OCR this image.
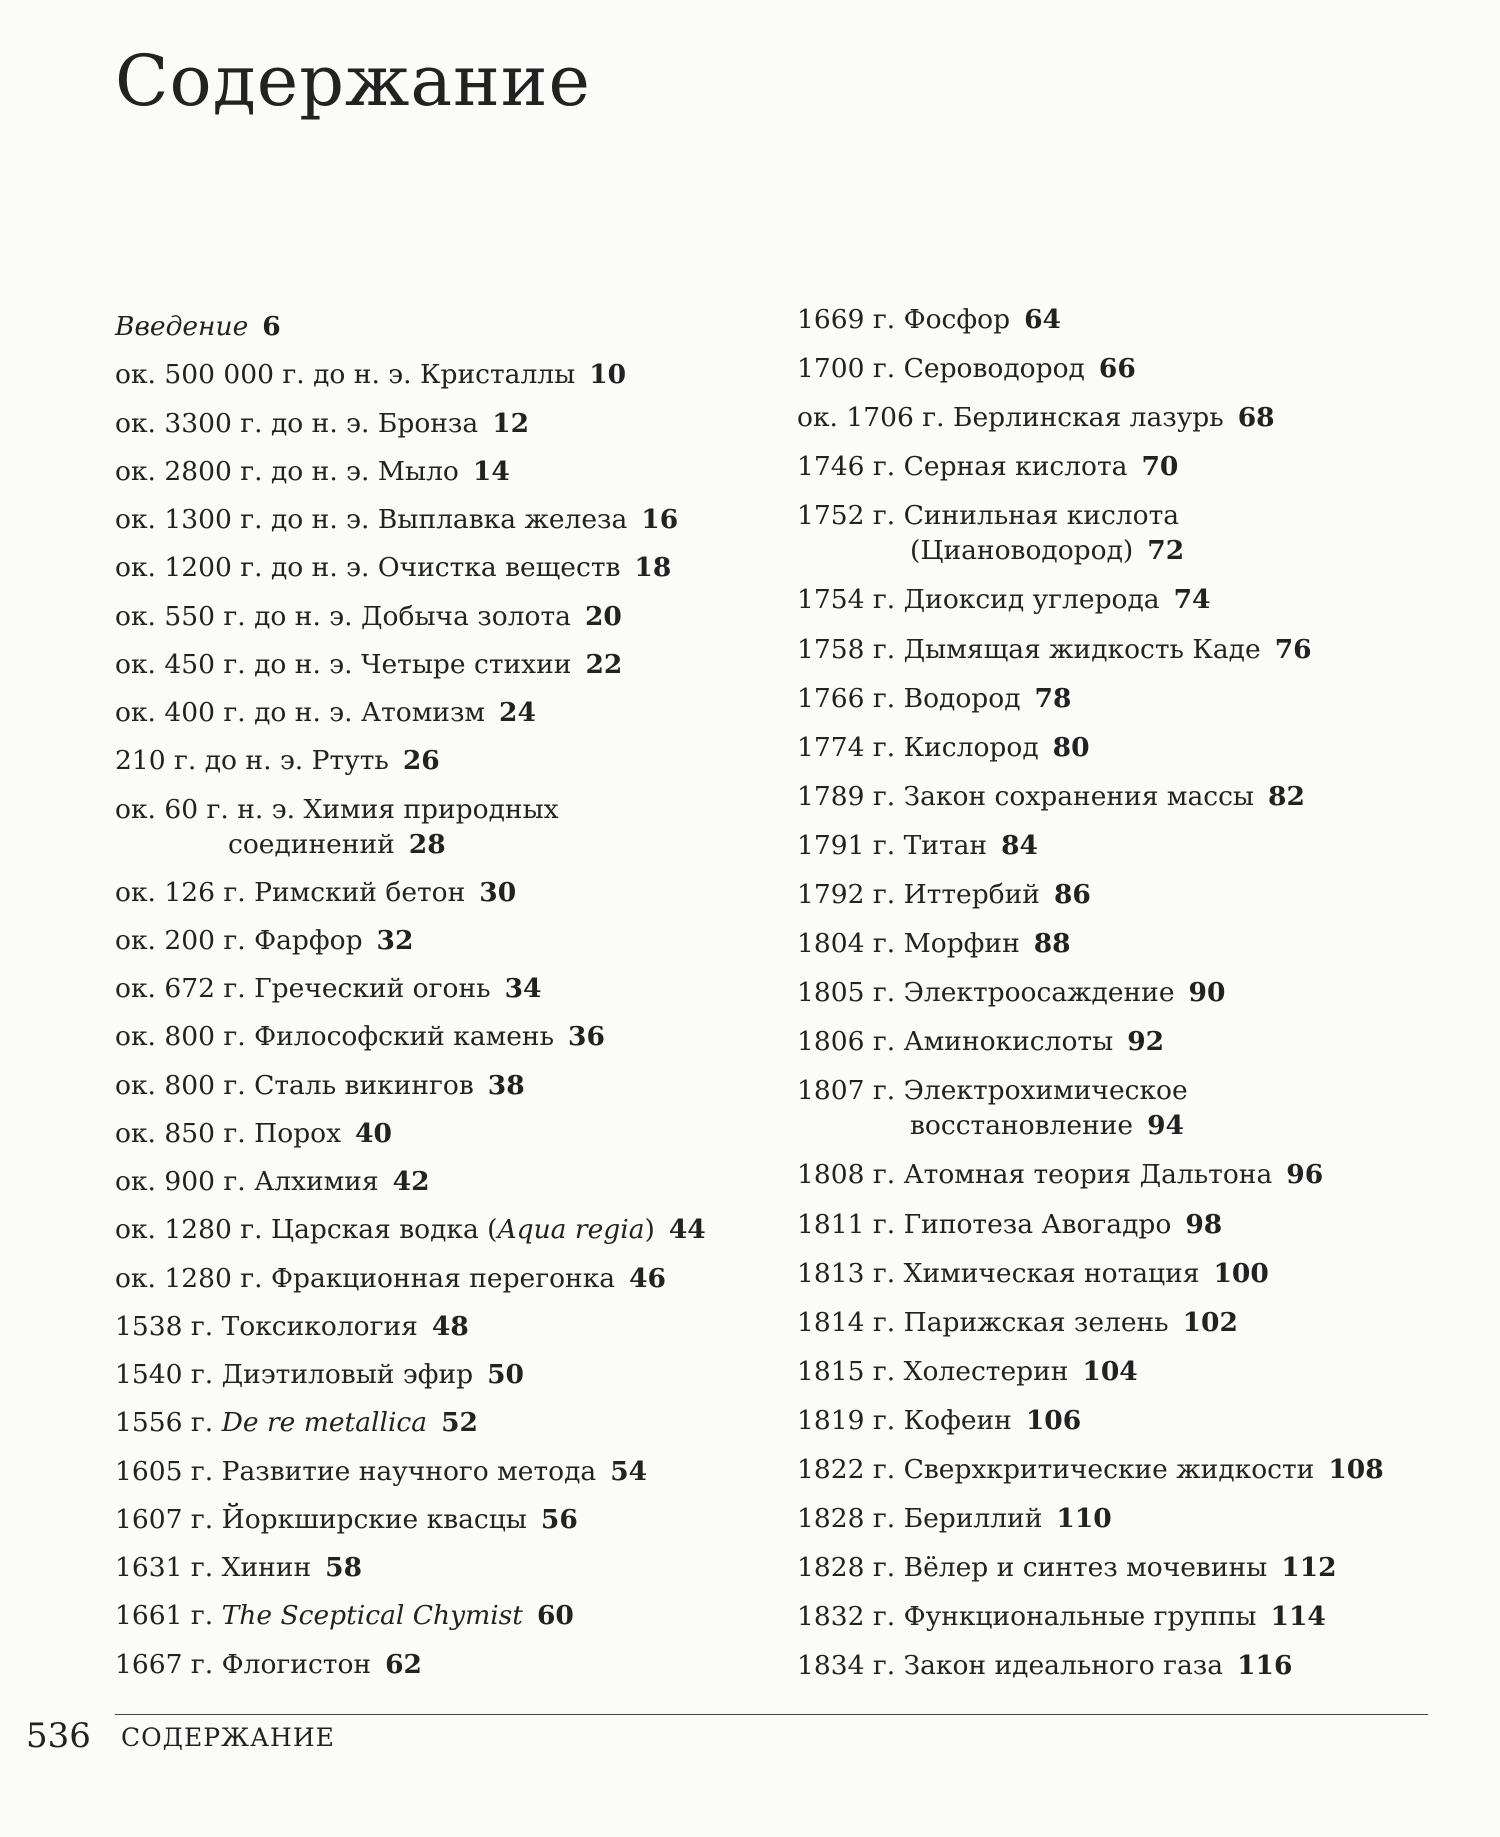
Содержание
Введение 6
ок. 500 000 г. до н. э. Кристаллы 10
ок. 3300 г. до н. э. Бронза 12
ок. 2800 г. до н. э. Мыло 14
ок. 1300 г. до н. э. Выплавка железа 16
ок. 1200 г. до н. э. Очистка веществ 18
ок. 550 г. до н. э. Добыча золота 20
ок. 450 г. до н. э. Четыре стихии 22
ок. 400 г. до н. э. Атомизм 24
210 г. до н. э. Ртуть 26
ок. 60 г. н. э. Химия природных
соединений 28
ок. 126 г. Римский бетон 30
ок. 200 г. Фарфор 32
ок. 672 г. Греческий огонь 34
ок. 800 г. Философский камень 36
ок. 800 г. Сталь викингов 38
ок. 850 г. Порох 40
ок. 900 г. Алхимия 42
ок. 1280 г. Царская водка (Aqua regia) 44
ок. 1280 г. Фракционная перегонка 46
1538 г. Токсикология 48
1540 г. Диэтиловый эфир 50
1556 г. De re metallica 52
1605 г. Развитие научного метода 54
1607 г. Йоркширские квасцы 56
1631 г. Хинин 58
1661 г. The Sceptical Chymist 60
1667 г. Флогистон 62
1669 г. Фосфор 64
1700 г. Сероводород 66
ок. 1706 г. Берлинская лазурь 68
1746 г. Серная кислота 70
1752 г. Синильная кислота
(Циановодород) 72
1754 г. Диоксид углерода 74
1758 г. Дымящая жидкость Каде 76
1766 г. Водород 78
1774 г. Кислород 80
1789 г. Закон сохранения массы 82
1791 г. Титан 84
1792 г. Иттербий 86
1804 г. Морфин 88
1805 г. Электроосаждение 90
1806 г. Аминокислоты 92
1807 г. Электрохимическое
восстановление 94
1808 г. Атомная теория Дальтона 96
1811 г. Гипотеза Авогадро 98
1813 г. Химическая нотация 100
1814 г. Парижская зелень 102
1815 г. Холестерин 104
1819 г. Кофеин 106
1822 г. Сверхкритические жидкости 108
1828 г. Бериллий 110
1828 г. Вёлер и синтез мочевины 112
1832 г. Функциональные группы 114
1834 г. Закон идеального газа 116
536 СОДЕРЖАНИЕ
